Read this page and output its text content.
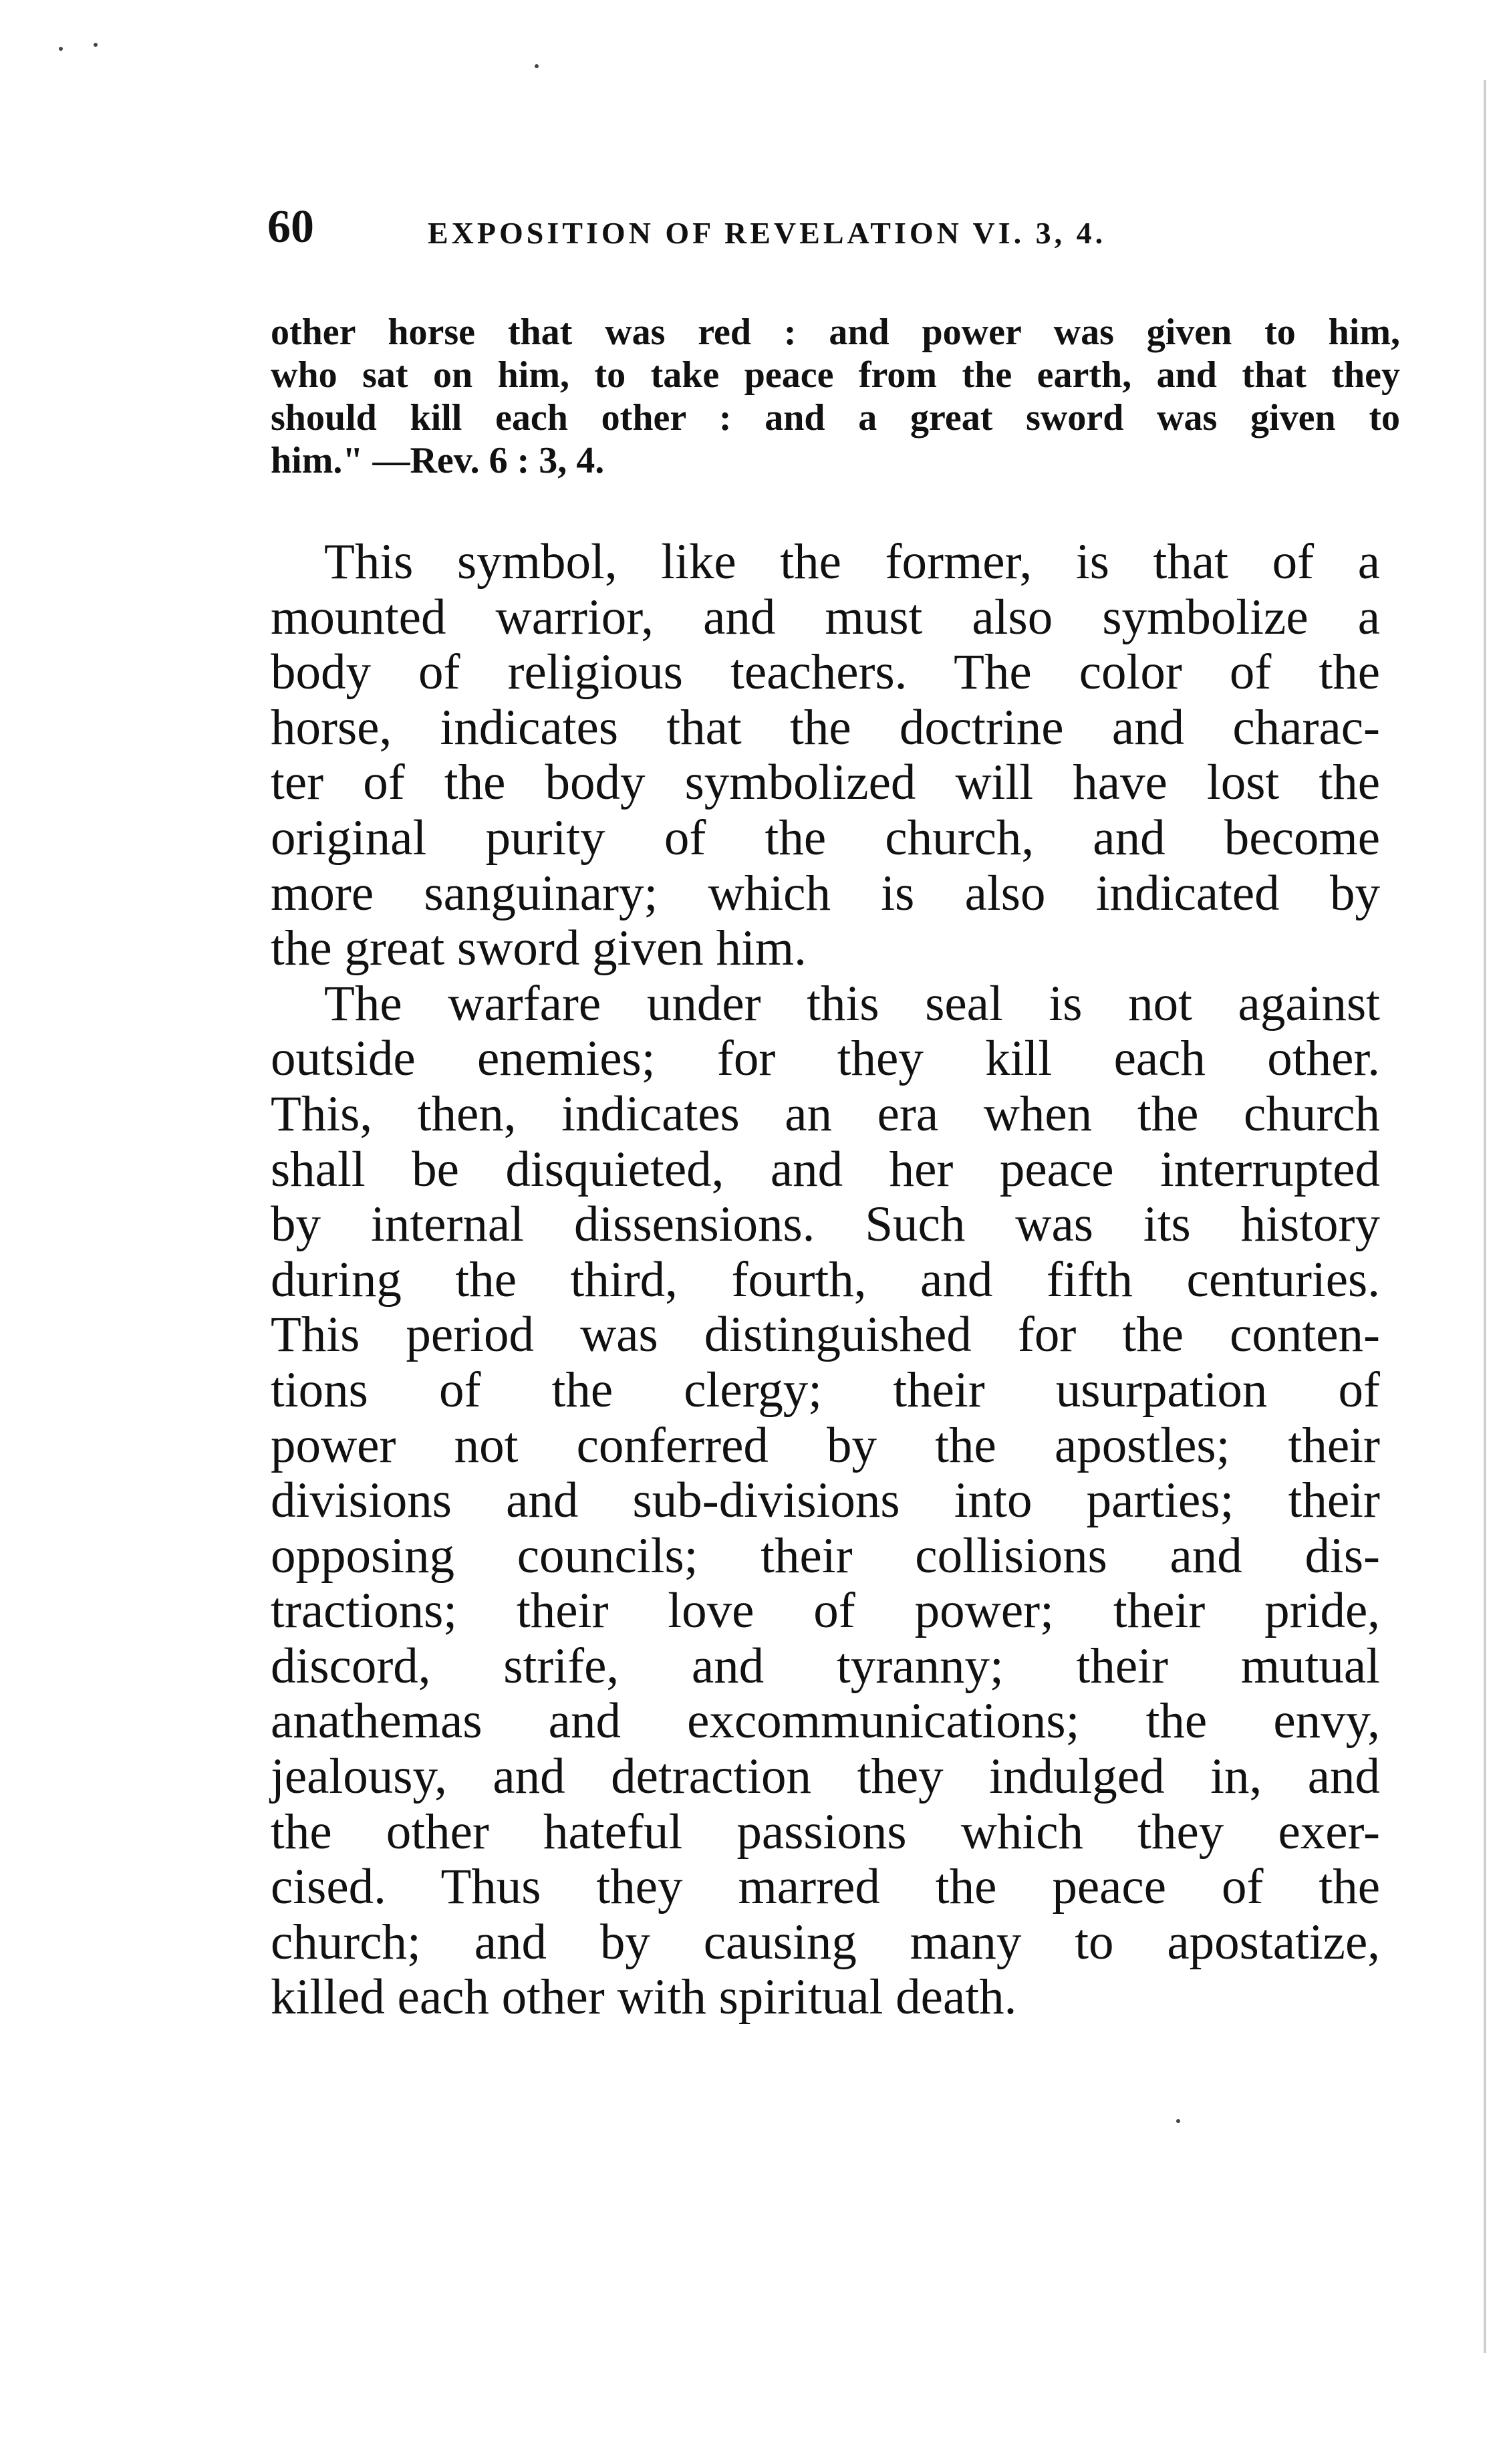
60	EXPOSITION OF REVELATION VI. 3, 4.
other horse that was red : and power was given to him,
who sat on him, to take peace from the earth, and that they
should kill each other : and a great sword was given to
him." —Rev. 6 : 3, 4.
This symbol, like the former, is that of a
mounted warrior, and must also symbolize a
body of religious teachers. The color of the
horse, indicates that the doctrine and charac-
ter of the body symbolized will have lost the
original purity of the church, and become
more sanguinary; which is also indicated by
the great sword given him.
The warfare under this seal is not against
outside enemies; for they kill each other.
This, then, indicates an era when the church
shall be disquieted, and her peace interrupted
by internal dissensions. Such was its history
during the third, fourth, and fifth centuries.
This period was distinguished for the conten-
tions of the clergy; their usurpation of
power not conferred by the apostles; their
divisions and sub-divisions into parties; their
opposing councils; their collisions and dis-
tractions; their love of power; their pride,
discord, strife, and tyranny; their mutual
anathemas and excommunications; the envy,
jealousy, and detraction they indulged in, and
the other hateful passions which they exer-
cised. Thus they marred the peace of the
church; and by causing many to apostatize,
killed each other with spiritual death.
